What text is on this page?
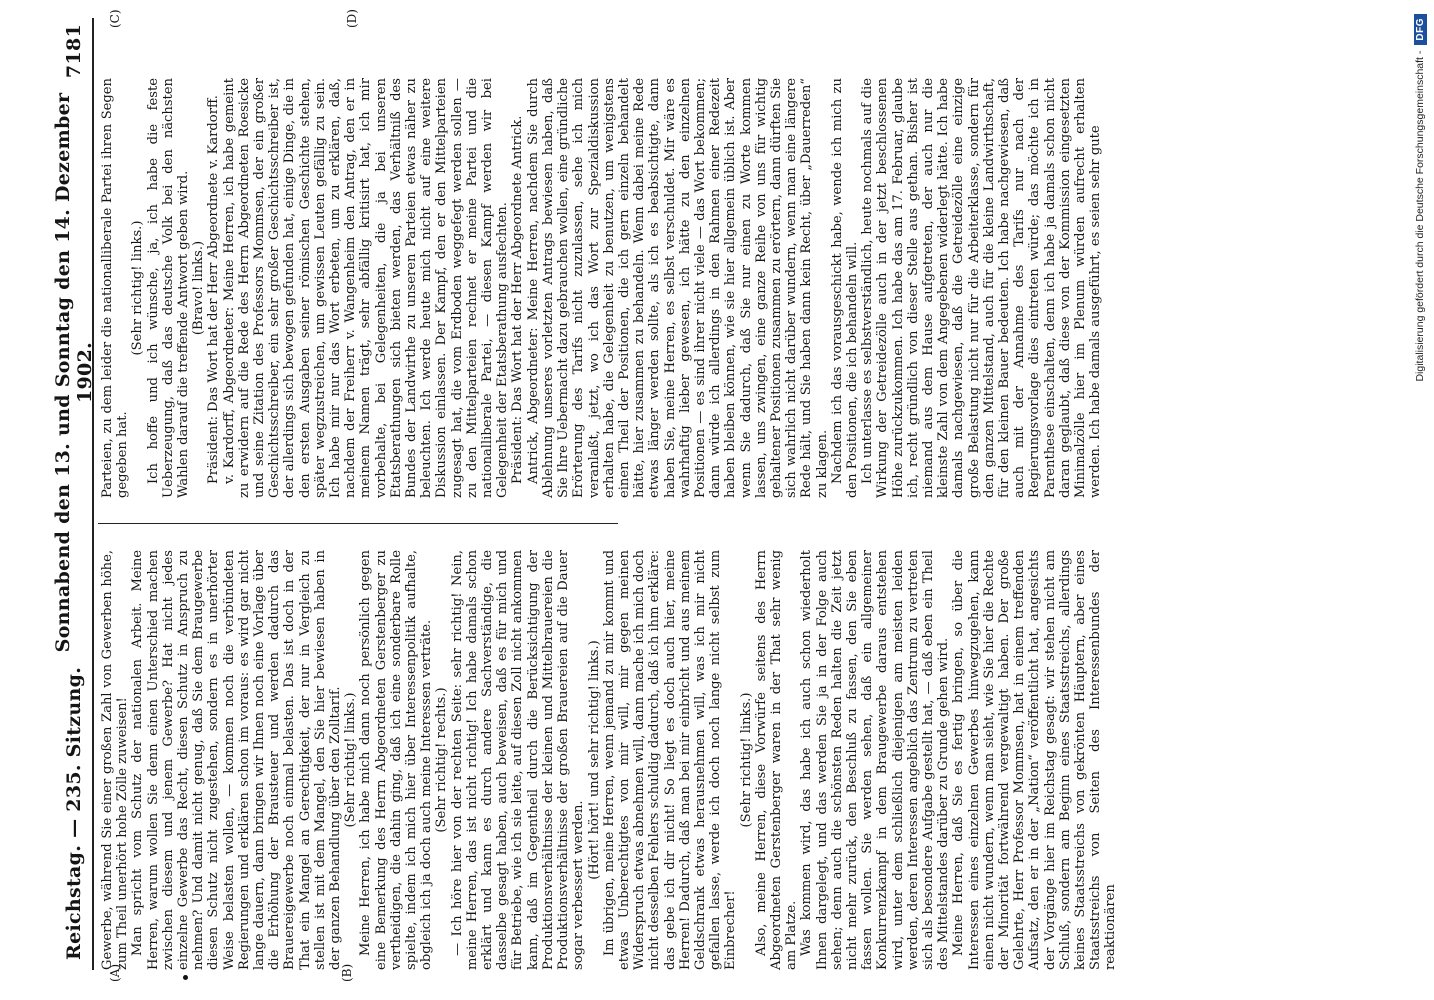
Reichstag. — 235. Sitzung.
Sonnabend den 13. und Sonntag den 14. Dezember 1902.
7181
(A)	(B)
(C)	(D)

Gewerbe, während Sie einer großen Zahl von Gewerben höhe, zum Theil unerhört hohe Zölle zuweisen! Man spricht vom Schutz der nationalen Arbeit. Meine Herren, warum wollen Sie denn einen Unterschied machen zwischen diesem und jenem Gewerbe? Hat nicht jedes einzelne Gewerbe das Recht, diesen Schutz in Anspruch zu nehmen? Und damit nicht genug, daß Sie dem Braugewerbe diesen Schutz nicht zugestehen, sondern es in unerhörter Weise belasten wollen, — kommen noch die verbündeten Regierungen und erklären schon im voraus: es wird gar nicht lange dauern, dann bringen wir Ihnen noch eine Vorlage über die Erhöhung der Brausteuer und werden dadurch das Brauereigewerbe noch einmal belasten. Das ist doch in der That ein Mangel an Gerechtigkeit, der nur in Vergleich zu stellen ist mit dem Mangel, den Sie hier bewiesen haben in der ganzen Behandlung über den Zolltarif. (Sehr richtig! links.) Meine Herren, ich habe mich dann noch persönlich gegen eine Bemerkung des Herrn Abgeordneten Gerstenberger zu vertheidigen, die dahin ging, daß ich eine sonderbare Rolle spielte, indem ich mich hier über Interessenpolitik aufhalte, obgleich ich ja doch auch meine Interessen verträte. (Sehr richtig! rechts.) — Ich höre hier von der rechten Seite: sehr richtig! Nein, meine Herren, das ist nicht richtig! Ich habe damals schon erklärt und kann es durch andere Sachverständige, die dasselbe gesagt haben, auch beweisen, daß es für mich und für Betriebe, wie ich sie leite, auf diesen Zoll nicht ankommen kann, daß im Gegentheil durch die Berücksichtigung der Produktionsverhältnisse der kleinen und Mittelbrauereien die Produktionsverhältnisse der großen Brauereien auf die Dauer sogar verbessert werden.

(Hört! hört! und sehr richtig! links.) Im übrigen, meine Herren, wenn jemand zu mir kommt und etwas Unberechtigtes von mir will, mir gegen meinen Widerspruch etwas abnehmen will, dann mache ich mich doch nicht desselben Fehlers schuldig dadurch, daß ich ihm erkläre: das gebe ich dir nicht! So liegt es doch auch hier, meine Herren! Dadurch, daß man bei mir einbricht und aus meinem Geldschrank etwas herausnehmen will, was ich mir nicht gefallen lasse, werde ich doch noch lange nicht selbst zum Einbrecher!

(Sehr richtig! links.) Also, meine Herren, diese Vorwürfe seitens des Herrn Abgeordneten Gerstenberger waren in der That sehr wenig am Platze. Was kommen wird, das habe ich auch schon wiederholt Ihnen dargelegt, und das werden Sie ja in der Folge auch sehen; denn auch die schönsten Reden halten die Zeit jetzt nicht mehr zurück, den Beschluß zu fassen, den Sie eben fassen wollen. Sie werden sehen, daß ein allgemeiner Konkurrenzkampf in dem Braugewerbe daraus entstehen wird, unter dem schließlich diejenigen am meisten leiden werden, deren Interessen angeblich das Zentrum zu vertreten sich als besondere Aufgabe gestellt hat, — daß eben ein Theil des Mittelstandes darüber zu Grunde gehen wird. Meine Herren, daß Sie es fertig bringen, so über die Interessen eines einzelnen Gewerbes hinwegzugehen, kann einen nicht wundern, wenn man sieht, wie Sie hier die Rechte der Minorität fortwährend vergewaltigt haben. Der große Gelehrte, Herr Professor Mommsen, hat in einem treffenden Aufsatz, den er in der „Nation“ veröffentlicht hat, angesichts der Vorgänge hier im Reichstag gesagt: wir stehen nicht am Schluß, sondern am Beginn eines Staatsstreichs, allerdings keines Staatsstreichs von gekrönten Häuptern, aber eines Staatsstreichs von Seiten des Interessenbundes der reaktionären

Parteien, zu dem leider die nationalliberale Partei ihren Segen gegeben hat.

(Sehr richtig! links.) Ich hoffe und ich wünsche, ja, ich habe die feste Ueberzeugung, daß das deutsche Volk bei den nächsten Wahlen darauf die treffende Antwort geben wird. (Bravo! links.) Präsident: Das Wort hat der Herr Abgeordnete v. Kardorff. v. Kardorff, Abgeordneter: Meine Herren, ich habe gemeint zu erwidern auf die Rede des Herrn Abgeordneten Roesicke und seine Zitation des Professors Mommsen, der ein großer Geschichtsschreiber, ein sehr großer Geschichtsschreiber ist, der allerdings sich bewogen gefunden hat, einige Dinge, die in den ersten Ausgaben seiner römischen Geschichte stehen, später wegzustreichen, um gewissen Leuten gefällig zu sein. Ich habe mir nur das Wort erbeten, um zu erklären, daß, nachdem der Freiherr v. Wangenheim den Antrag, den er in meinem Namen trägt, sehr abfällig kritisirt hat, ich mir vorbehalte, bei Gelegenheiten, die ja bei unseren Etatsberathungen sich bieten werden, das Verhältniß des Bundes der Landwirthe zu unseren Parteien etwas näher zu beleuchten. Ich werde heute mich nicht auf eine weitere Diskussion einlassen. Der Kampf, den er den Mittelparteien zugesagt hat, die vom Erdboden weggefegt werden sollen — zu den Mittelparteien rechnet er meine Partei und die nationalliberale Partei, — diesen Kampf werden wir bei Gelegenheit der Etatsberathung ausfechten. Präsident: Das Wort hat der Herr Abgeordnete Antrick. Antrick, Abgeordneter: Meine Herren, nachdem Sie durch Ablehnung unseres vorletzten Antrags bewiesen haben, daß Sie Ihre Uebermacht dazu gebrauchen wollen, eine gründliche Erörterung des Tarifs nicht zuzulassen, sehe ich mich veranlaßt, jetzt, wo ich das Wort zur Spezialdiskussion erhalten habe, die Gelegenheit zu benutzen, um wenigstens einen Theil der Positionen, die ich gern einzeln behandelt hätte, hier zusammen zu behandeln. Wenn dabei meine Rede etwas länger werden sollte, als ich es beabsichtigte, dann haben Sie, meine Herren, es selbst verschuldet. Mir wäre es wahrhaftig lieber gewesen, ich hätte zu den einzelnen Positionen — es sind ihrer nicht viele — das Wort bekommen; dann würde ich allerdings in den Rahmen einer Redezeit haben bleiben können, wie sie hier allgemein üblich ist. Aber wenn Sie dadurch, daß Sie nur einen zu Worte kommen lassen, uns zwingen, eine ganze Reihe von uns für wichtig gehaltener Positionen zusammen zu erörtern, dann dürften Sie sich wahrlich nicht darüber wundern, wenn man eine längere Rede hält, und Sie haben dann kein Recht, über „Dauerreden“ zu klagen. Nachdem ich das vorausgeschickt habe, wende ich mich zu den Positionen, die ich behandeln will. Ich unterlasse es selbstverständlich, heute nochmals auf die Wirkung der Getreidezölle auch in der jetzt beschlossenen Höhe zurückzukommen. Ich habe das am 17. Februar, glaube ich, recht gründlich von dieser Stelle aus gethan. Bisher ist niemand aus dem Hause aufgetreten, der auch nur die kleinste Zahl von dem Angegebenen widerlegt hätte. Ich habe damals nachgewiesen, daß die Getreidezölle eine einzige große Belastung nicht nur für die Arbeiterklasse, sondern für den ganzen Mittelstand, auch für die kleine Landwirthschaft, für den kleinen Bauer bedeuten. Ich habe nachgewiesen, daß auch mit der Annahme des Tarifs nur nach der Regierungsvorlage dies eintreten würde; das möchte ich in Parenthese einschalten, denn ich habe ja damals schon nicht daran geglaubt, daß diese von der Kommission eingesetzten Minimalzölle hier im Plenum würden aufrecht erhalten werden. Ich habe damals ausgeführt, es seien sehr gute	Digitalisierung gefördert durch die Deutsche Forschungsgemeinschaft -
DFG
